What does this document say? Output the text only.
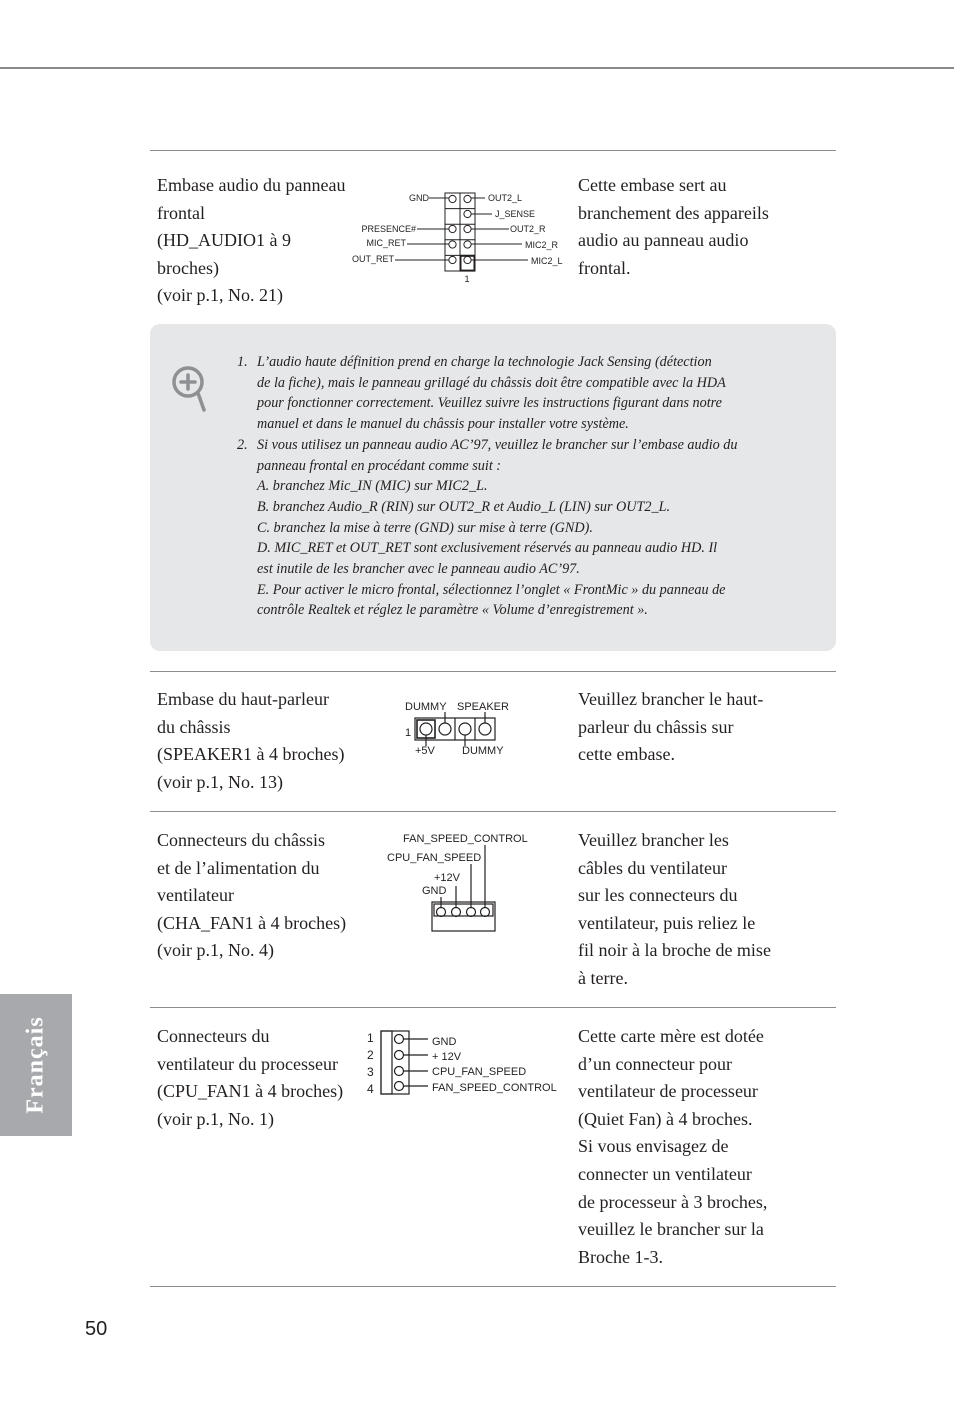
Embase audio du panneau
frontal
(HD_AUDIO1 à 9
broches)
(voir p.1, No. 21)
GND
PRESENCE#
MIC_RET
OUT_RET
OUT2_L
J_SENSE
OUT2_R
MIC2_R
MIC2_L
1
Cette embase sert au
branchement des appareils
audio au panneau audio
frontal.
1. L’audio haute définition prend en charge la technologie Jack Sensing (détection
de la fiche), mais le panneau grillagé du châssis doit être compatible avec la HDA
pour fonctionner correctement. Veuillez suivre les instructions figurant dans notre
manuel et dans le manuel du châssis pour installer votre système.
2. Si vous utilisez un panneau audio AC’97, veuillez le brancher sur l’embase audio du
panneau frontal en procédant comme suit :
A. branchez Mic_IN (MIC) sur MIC2_L.
B. branchez Audio_R (RIN) sur OUT2_R et Audio_L (LIN) sur OUT2_L.
C. branchez la mise à terre (GND) sur mise à terre (GND).
D. MIC_RET et OUT_RET sont exclusivement réservés au panneau audio HD. Il
est inutile de les brancher avec le panneau audio AC’97.
E. Pour activer le micro frontal, sélectionnez l’onglet « FrontMic » du panneau de
contrôle Realtek et réglez le paramètre « Volume d’enregistrement ».
Embase du haut-parleur
du châssis
(SPEAKER1 à 4 broches)
(voir p.1, No. 13)
DUMMY SPEAKER
1
+5V DUMMY
Veuillez brancher le haut-
parleur du châssis sur
cette embase.
Connecteurs du châssis
et de l’alimentation du
ventilateur
(CHA_FAN1 à 4 broches)
(voir p.1, No. 4)
FAN_SPEED_CONTROL
CPU_FAN_SPEED
+12V
GND
Veuillez brancher les
câbles du ventilateur
sur les connecteurs du
ventilateur, puis reliez le
fil noir à la broche de mise
à terre.
Connecteurs du
ventilateur du processeur
(CPU_FAN1 à 4 broches)
(voir p.1, No. 1)
1
2
3
4
GND
+ 12V
CPU_FAN_SPEED
FAN_SPEED_CONTROL
Cette carte mère est dotée
d’un connecteur pour
ventilateur de processeur
(Quiet Fan) à 4 broches.
Si vous envisagez de
connecter un ventilateur
de processeur à 3 broches,
veuillez le brancher sur la
Broche 1-3.
Français
50
